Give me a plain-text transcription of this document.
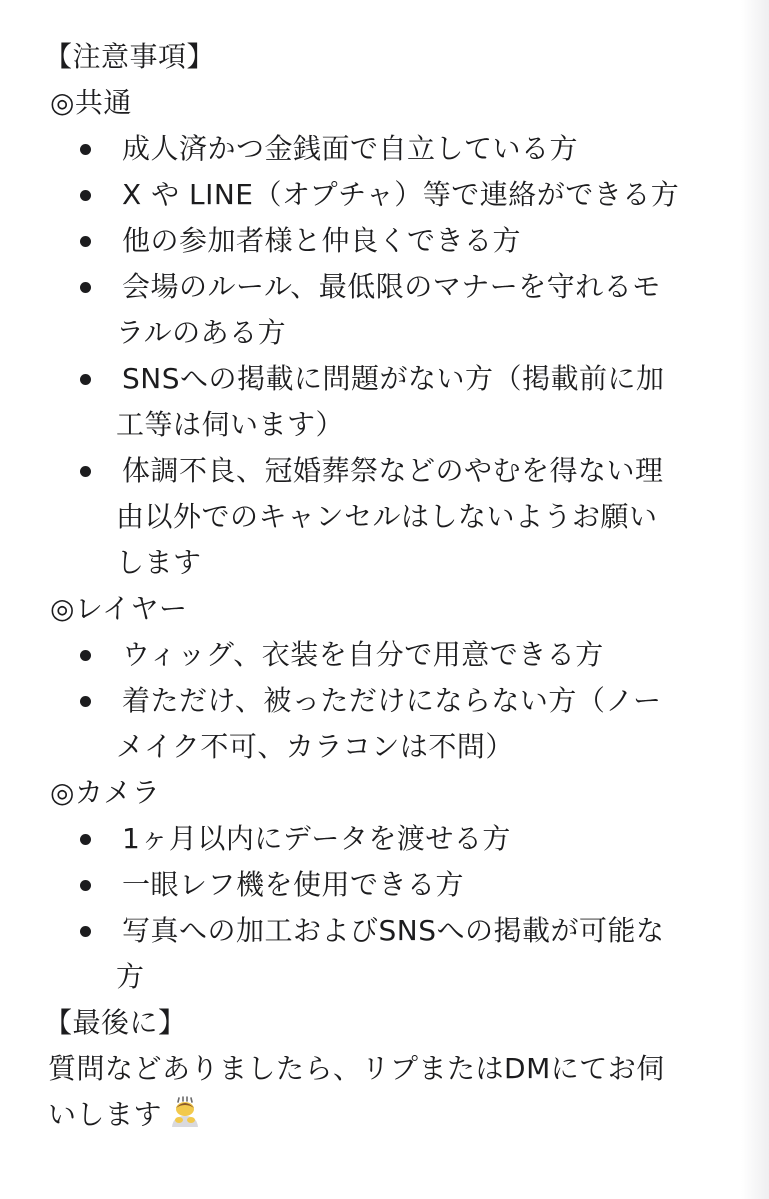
【注意事項】
◎共通
成人済かつ金銭面で自立している方
X や LINE（オプチャ）等で連絡ができる方
他の参加者様と仲良くできる方
会場のルール、最低限のマナーを守れるモ
ラルのある方
SNSへの掲載に問題がない方（掲載前に加
工等は伺います）
体調不良、冠婚葬祭などのやむを得ない理
由以外でのキャンセルはしないようお願い
します
◎レイヤー
ウィッグ、衣装を自分で用意できる方
着ただけ、被っただけにならない方（ノー
メイク不可、カラコンは不問）
◎カメラ
1ヶ月以内にデータを渡せる方
一眼レフ機を使用できる方
写真への加工およびSNSへの掲載が可能な
方
【最後に】
質問などありましたら、リプまたはDMにてお伺
いします
